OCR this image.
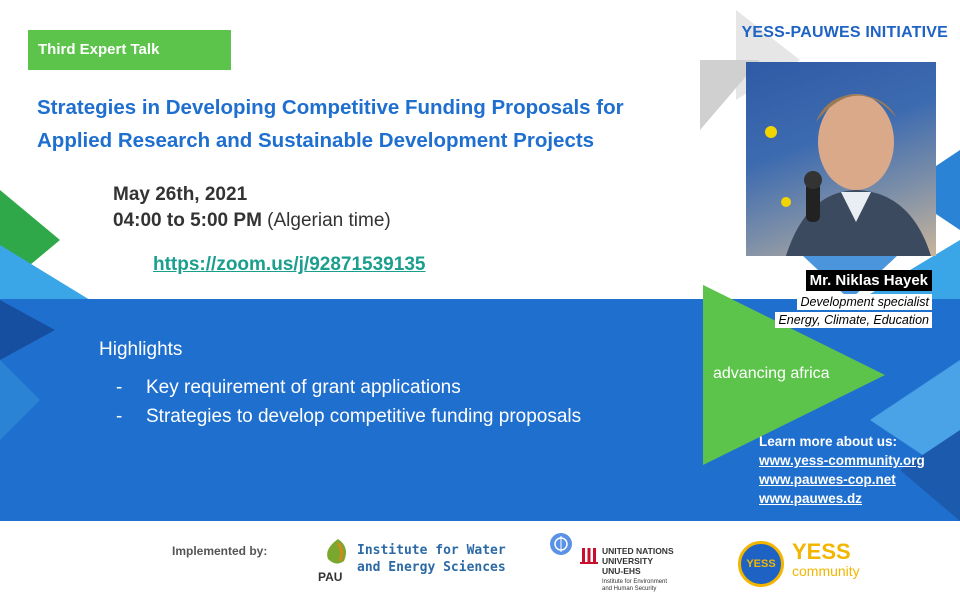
Third Expert Talk
YESS-PAUWES INITIATIVE
Strategies in Developing Competitive Funding Proposals for
Applied Research and Sustainable Development Projects
May 26th, 2021
04:00 to 5:00 PM (Algerian time)
https://zoom.us/j/92871539135
Mr. Niklas Hayek
Development specialist
Energy, Climate, Education
Highlights
- Key requirement of grant applications
- Strategies to develop competitive funding proposals
advancing africa
Learn more about us:
www.yess-community.org
www.pauwes-cop.net
www.pauwes.dz
Implemented by:
PAU
Institute for Water
and Energy Sciences
UNITED NATIONS
UNIVERSITY
UNU-EHS
Institute for Environment
and Human Security
YESS YESS
community
